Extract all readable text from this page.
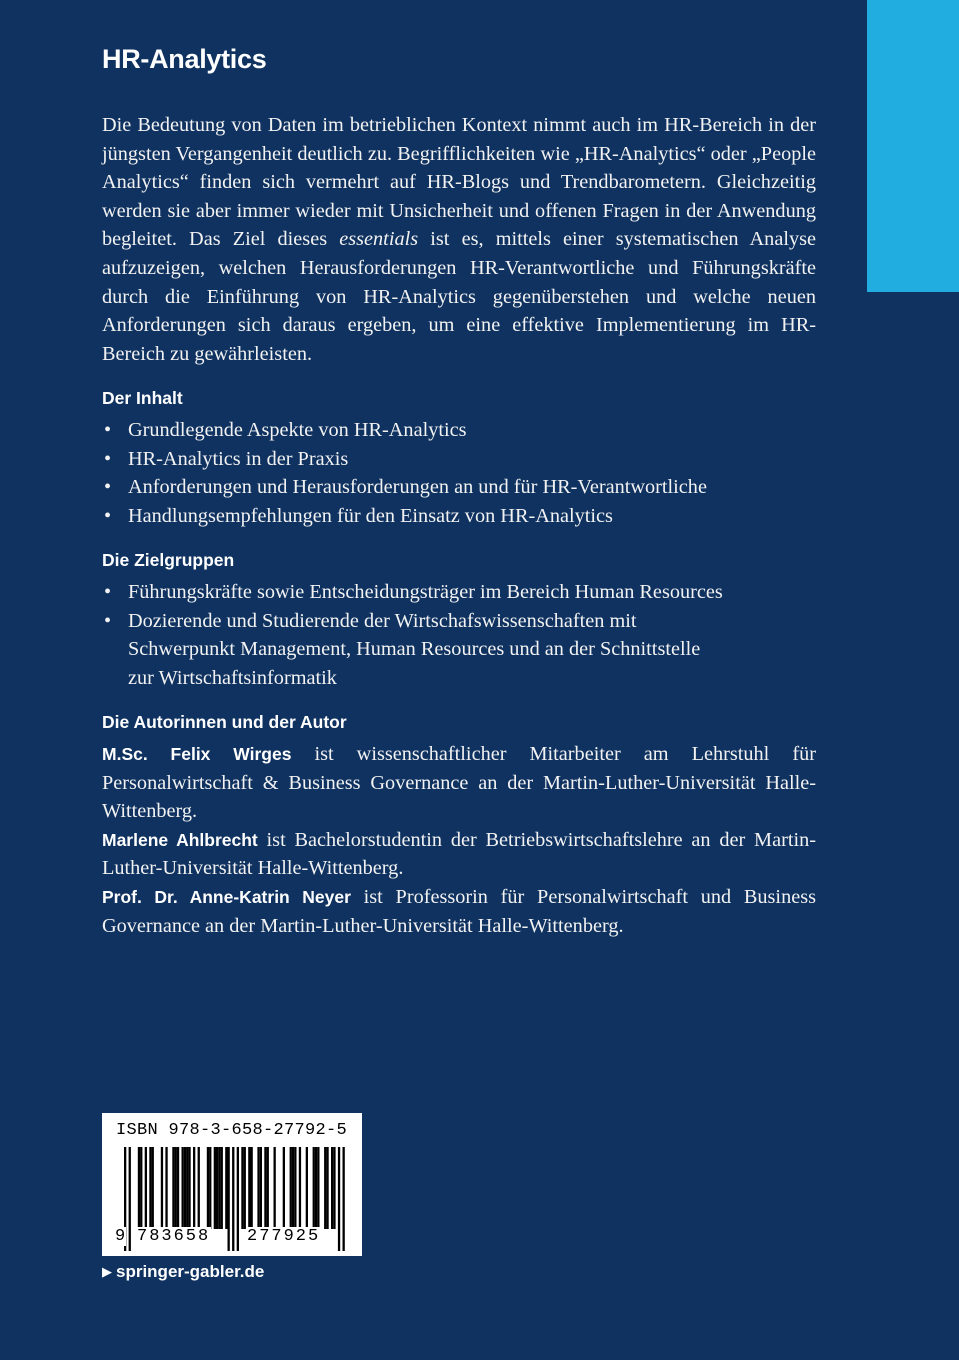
HR-Analytics

Die Bedeutung von Daten im betrieblichen Kontext nimmt auch im HR-Bereich in der jüngsten Vergangenheit deutlich zu. Begrifflichkeiten wie „HR-Analytics“ oder „People Analytics“ finden sich vermehrt auf HR-Blogs und Trendbarometern. Gleichzeitig werden sie aber immer wieder mit Unsicherheit und offenen Fragen in der Anwendung begleitet. Das Ziel dieses essentials ist es, mittels einer systematischen Analyse aufzuzeigen, welchen Herausforderungen HR-Verantwortliche und Führungskräfte durch die Einführung von HR-Analytics gegenüberstehen und welche neuen Anforderungen sich daraus ergeben, um eine effektive Implementierung im HR-Bereich zu gewährleisten.

Der Inhalt
• Grundlegende Aspekte von HR-Analytics
• HR-Analytics in der Praxis
• Anforderungen und Herausforderungen an und für HR-Verantwortliche
• Handlungsempfehlungen für den Einsatz von HR-Analytics
Die Zielgruppen
• Führungskräfte sowie Entscheidungsträger im Bereich Human Resources
• Dozierende und Studierende der Wirtschafswissenschaften mit Schwerpunkt Management, Human Resources und an der Schnittstelle zur Wirtschaftsinformatik
Die Autorinnen und der Autor

M.Sc. Felix Wirges ist wissenschaftlicher Mitarbeiter am Lehrstuhl für Personalwirtschaft & Business Governance an der Martin-Luther-Universität Halle-Wittenberg.

Marlene Ahlbrecht ist Bachelorstudentin der Betriebswirtschaftslehre an der Martin-Luther-Universität Halle-Wittenberg.

Prof. Dr. Anne-Katrin Neyer ist Professorin für Personalwirtschaft und Business Governance an der Martin-Luther-Universität Halle-Wittenberg.

ISBN 978-3-658-27792-5
9 783658 277925
▶ springer-gabler.de
